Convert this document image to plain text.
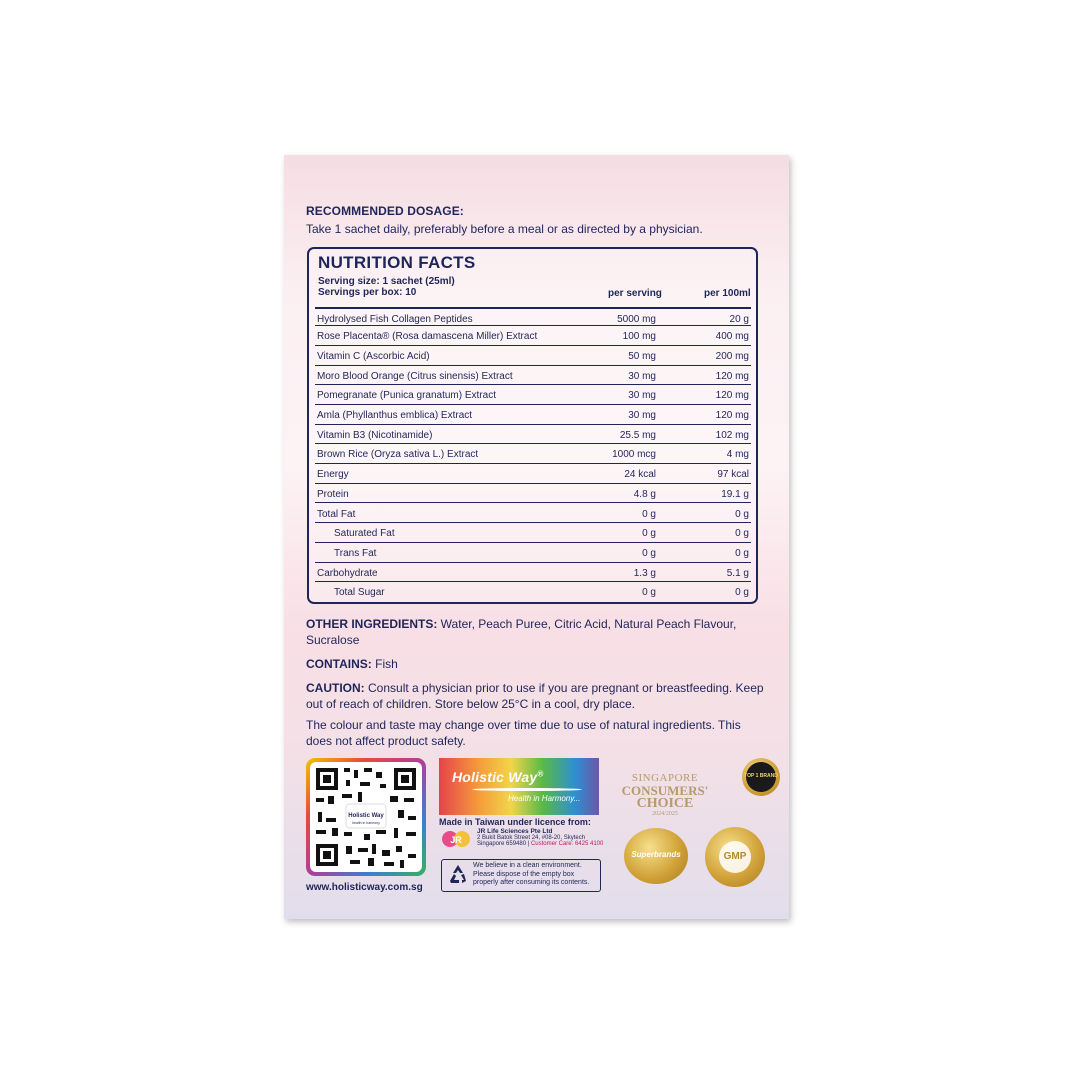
RECOMMENDED DOSAGE:
Take 1 sachet daily, preferably before a meal or as directed by a physician.
NUTRITION FACTS
Serving size: 1 sachet (25ml)
Servings per box: 10	per serving	per 100ml
Hydrolysed Fish Collagen Peptides	5000 mg	20 g
Rose Placenta® (Rosa damascena Miller) Extract	100 mg	400 mg
Vitamin C (Ascorbic Acid)	50 mg	200 mg
Moro Blood Orange (Citrus sinensis) Extract	30 mg	120 mg
Pomegranate (Punica granatum) Extract	30 mg	120 mg
Amla (Phyllanthus emblica) Extract	30 mg	120 mg
Vitamin B3 (Nicotinamide)	25.5 mg	102 mg
Brown Rice (Oryza sativa L.) Extract	1000 mcg	4 mg
Energy	24 kcal	97 kcal
Protein	4.8 g	19.1 g
Total Fat	0 g	0 g
Saturated Fat	0 g	0 g
Trans Fat	0 g	0 g
Carbohydrate	1.3 g	5.1 g
Total Sugar	0 g	0 g
OTHER INGREDIENTS: Water, Peach Puree, Citric Acid, Natural Peach Flavour, Sucralose
CONTAINS: Fish
CAUTION: Consult a physician prior to use if you are pregnant or breastfeeding. Keep out of reach of children. Store below 25°C in a cool, dry place.
The colour and taste may change over time due to use of natural ingredients. This does not affect product safety.
Holistic Way
health in harmony
www.holisticway.com.sg
Holistic Way®
Health in Harmony...
Made in Taiwan under licence from:
JR
JR Life Sciences Pte Ltd
2 Bukit Batok Street 24, #08-20, Skytech
Singapore 659480 | Customer Care: 6425 4100
We believe in a clean environment. Please dispose of the empty box properly after consuming its contents.
SINGAPORE
CONSUMERS'
CHOICE
2024/2025
TOP 1 BRAND
Superbrands	GMP
